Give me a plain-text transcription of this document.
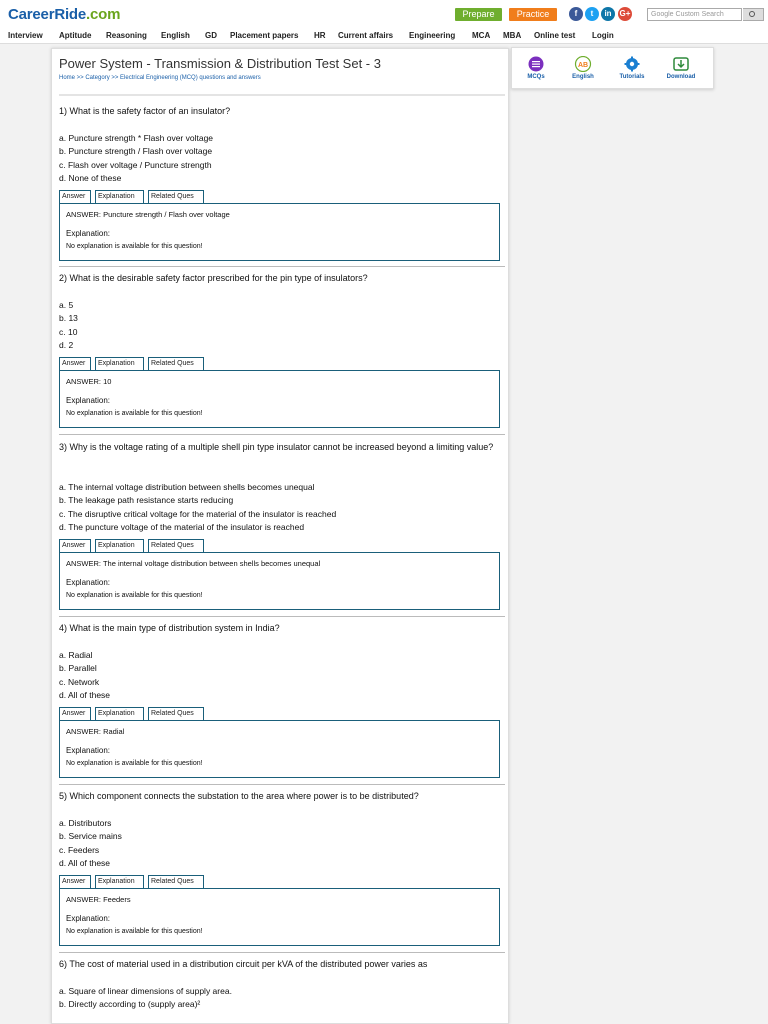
CareerRide.com	Prepare	Practice	f	t	in	G+	Google Custom Search
Interview Aptitude Reasoning English GD Placement papers HR Current affairs Engineering MCA MBA Online test Login
Power System - Transmission & Distribution Test Set - 3
Home >> Category >> Electrical Engineering (MCQ) questions and answers
1) What is the safety factor of an insulator?
a. Puncture strength * Flash over voltage
b. Puncture strength / Flash over voltage
c. Flash over voltage / Puncture strength
d. None of these
Answer	Explanation	Related Ques
ANSWER: Puncture strength / Flash over voltage
Explanation:
No explanation is available for this question!
2) What is the desirable safety factor prescribed for the pin type of insulators?
a. 5
b. 13
c. 10
d. 2
Answer	Explanation	Related Ques
ANSWER: 10
Explanation:
No explanation is available for this question!
3) Why is the voltage rating of a multiple shell pin type insulator cannot be increased beyond a limiting value?
a. The internal voltage distribution between shells becomes unequal
b. The leakage path resistance starts reducing
c. The disruptive critical voltage for the material of the insulator is reached
d. The puncture voltage of the material of the insulator is reached
Answer	Explanation	Related Ques
ANSWER: The internal voltage distribution between shells becomes unequal
Explanation:
No explanation is available for this question!
4) What is the main type of distribution system in India?
a. Radial
b. Parallel
c. Network
d. All of these
Answer	Explanation	Related Ques
ANSWER: Radial
Explanation:
No explanation is available for this question!
5) Which component connects the substation to the area where power is to be distributed?
a. Distributors
b. Service mains
c. Feeders
d. All of these
Answer	Explanation	Related Ques
ANSWER: Feeders
Explanation:
No explanation is available for this question!
6) The cost of material used in a distribution circuit per kVA of the distributed power varies as
a. Square of linear dimensions of supply area.
b. Directly according to (supply area)²
MCQs
AB
English	Tutorials	Download
